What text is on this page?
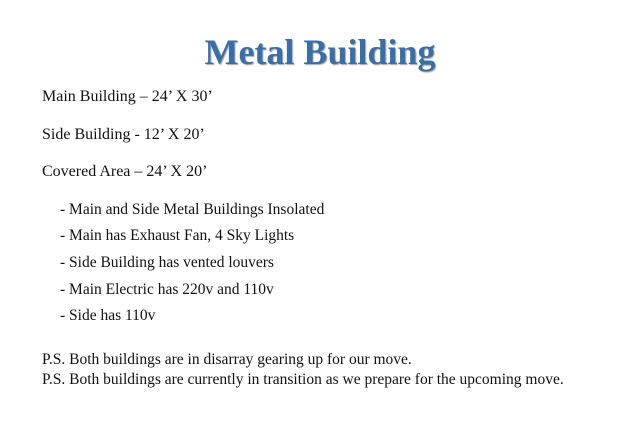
Metal Building

Main Building – 24’ X 30’

Side Building - 12’ X 20’

Covered Area – 24’ X 20’

- Main and Side Metal Buildings Insolated

- Main has Exhaust Fan, 4 Sky Lights

- Side Building has vented louvers

- Main Electric has 220v and 110v

- Side has 110v

P.S. Both buildings are in disarray gearing up for our move.

P.S. Both buildings are currently in transition as we prepare for the upcoming move.
